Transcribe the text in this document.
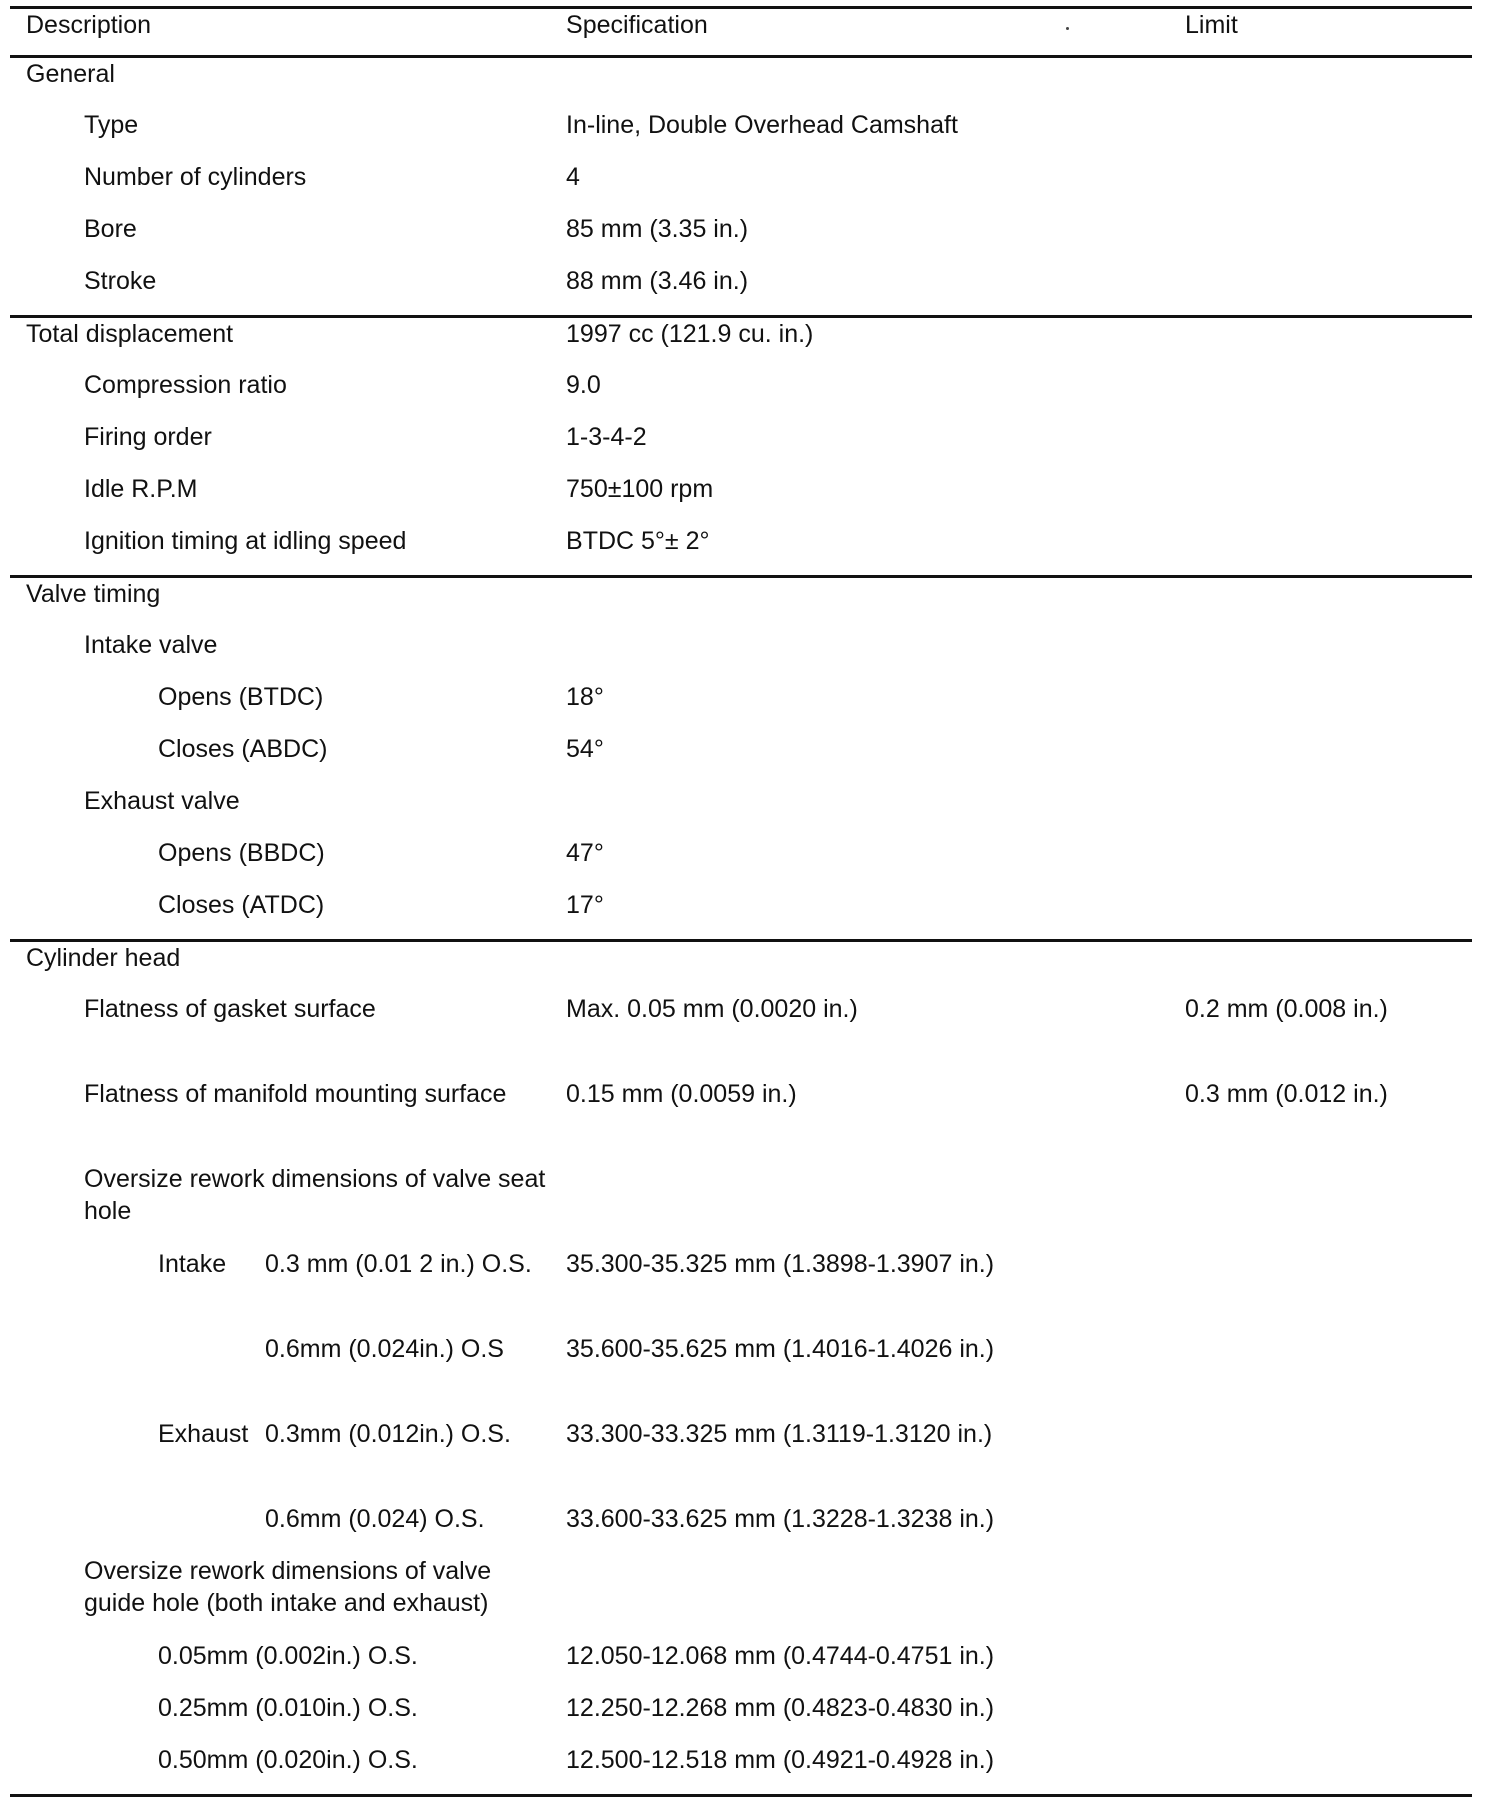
Description		Specification	Limit
General			
Type		In-line, Double Overhead Camshaft	
Number of cylinders		4	
Bore		85 mm (3.35 in.)	
Stroke		88 mm (3.46 in.)	
Total displacement		1997 cc (121.9 cu. in.)	
Compression ratio		9.0	
Firing order		1-3-4-2	
Idle R.P.M		750±100 rpm	
Ignition timing at idling speed		BTDC 5°± 2°	
Valve timing			
Intake valve			
Opens (BTDC)		18°	
Closes (ABDC)		54°	
Exhaust valve			
Opens (BBDC)		47°	
Closes (ATDC)		17°	
Cylinder head			
Flatness of gasket surface		Max. 0.05 mm (0.0020 in.)	0.2 mm (0.008 in.)
Flatness of manifold mounting surface		0.15 mm (0.0059 in.)	0.3 mm (0.012 in.)
Oversize rework dimensions of valve seat hole			
Intake	0.3 mm (0.01 2 in.) O.S.	35.300-35.325 mm (1.3898-1.3907 in.)	
	0.6mm (0.024in.) O.S	35.600-35.625 mm (1.4016-1.4026 in.)	
Exhaust	0.3mm (0.012in.) O.S.	33.300-33.325 mm (1.3119-1.3120 in.)	
	0.6mm (0.024) O.S.	33.600-33.625 mm (1.3228-1.3238 in.)	
Oversize rework dimensions of valve guide hole (both intake and exhaust)			
0.05mm (0.002in.) O.S.		12.050-12.068 mm (0.4744-0.4751 in.)	
0.25mm (0.010in.) O.S.		12.250-12.268 mm (0.4823-0.4830 in.)	
0.50mm (0.020in.) O.S.		12.500-12.518 mm (0.4921-0.4928 in.)	
